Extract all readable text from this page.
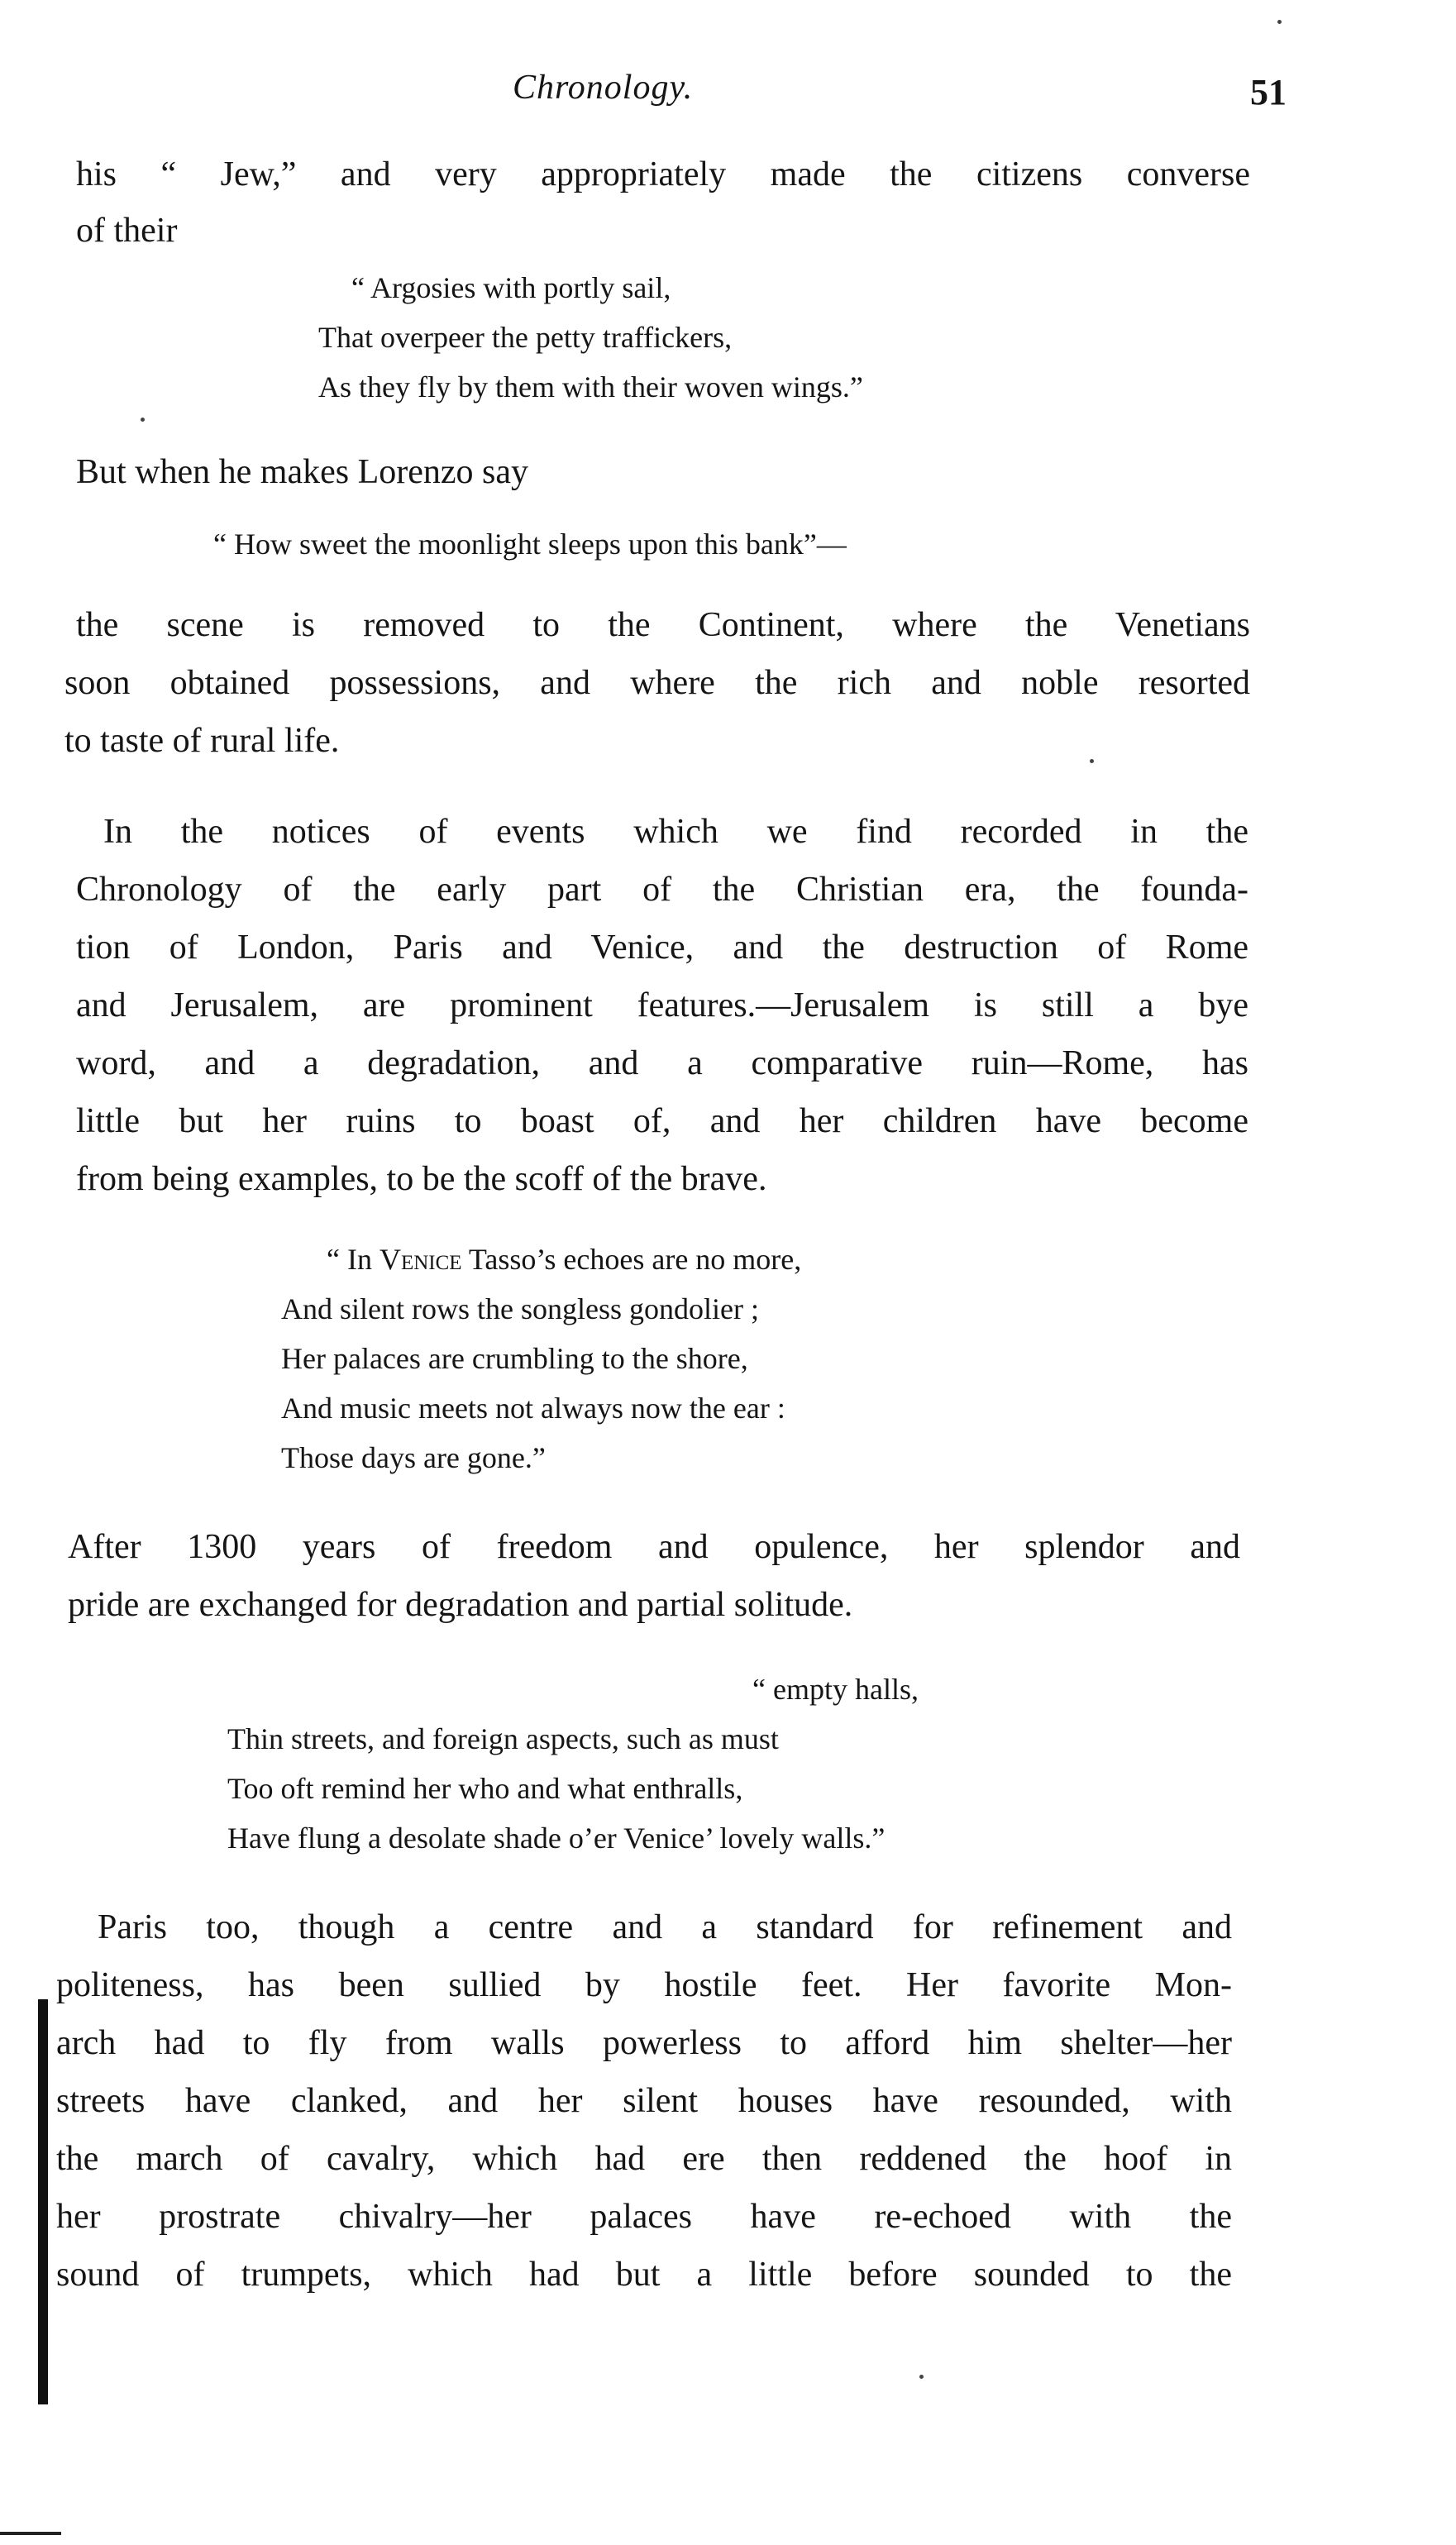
Chronology.	51
his “ Jew,” and very appropriately made the citizens converse
of their
“ Argosies with portly sail,
That overpeer the petty traffickers,
As they fly by them with their woven wings.”
But when he makes Lorenzo say
“ How sweet the moonlight sleeps upon this bank”—
the scene is removed to the Continent, where the Venetians
soon obtained possessions, and where the rich and noble resorted
to taste of rural life.
In the notices of events which we find recorded in the
Chronology of the early part of the Christian era, the founda-
tion of London, Paris and Venice, and the destruction of Rome
and Jerusalem, are prominent features.—Jerusalem is still a bye
word, and a degradation, and a comparative ruin—Rome, has
little but her ruins to boast of, and her children have become
from being examples, to be the scoff of the brave.
“ In Venice Tasso’s echoes are no more,
And silent rows the songless gondolier ;
Her palaces are crumbling to the shore,
And music meets not always now the ear :
Those days are gone.”
After 1300 years of freedom and opulence, her splendor and
pride are exchanged for degradation and partial solitude.
“ empty halls,
Thin streets, and foreign aspects, such as must
Too oft remind her who and what enthralls,
Have flung a desolate shade o’er Venice’ lovely walls.”
Paris too, though a centre and a standard for refinement and
politeness, has been sullied by hostile feet. Her favorite Mon-
arch had to fly from walls powerless to afford him shelter—her
streets have clanked, and her silent houses have resounded, with
the march of cavalry, which had ere then reddened the hoof in
her prostrate chivalry—her palaces have re-echoed with the
sound of trumpets, which had but a little before sounded to the
